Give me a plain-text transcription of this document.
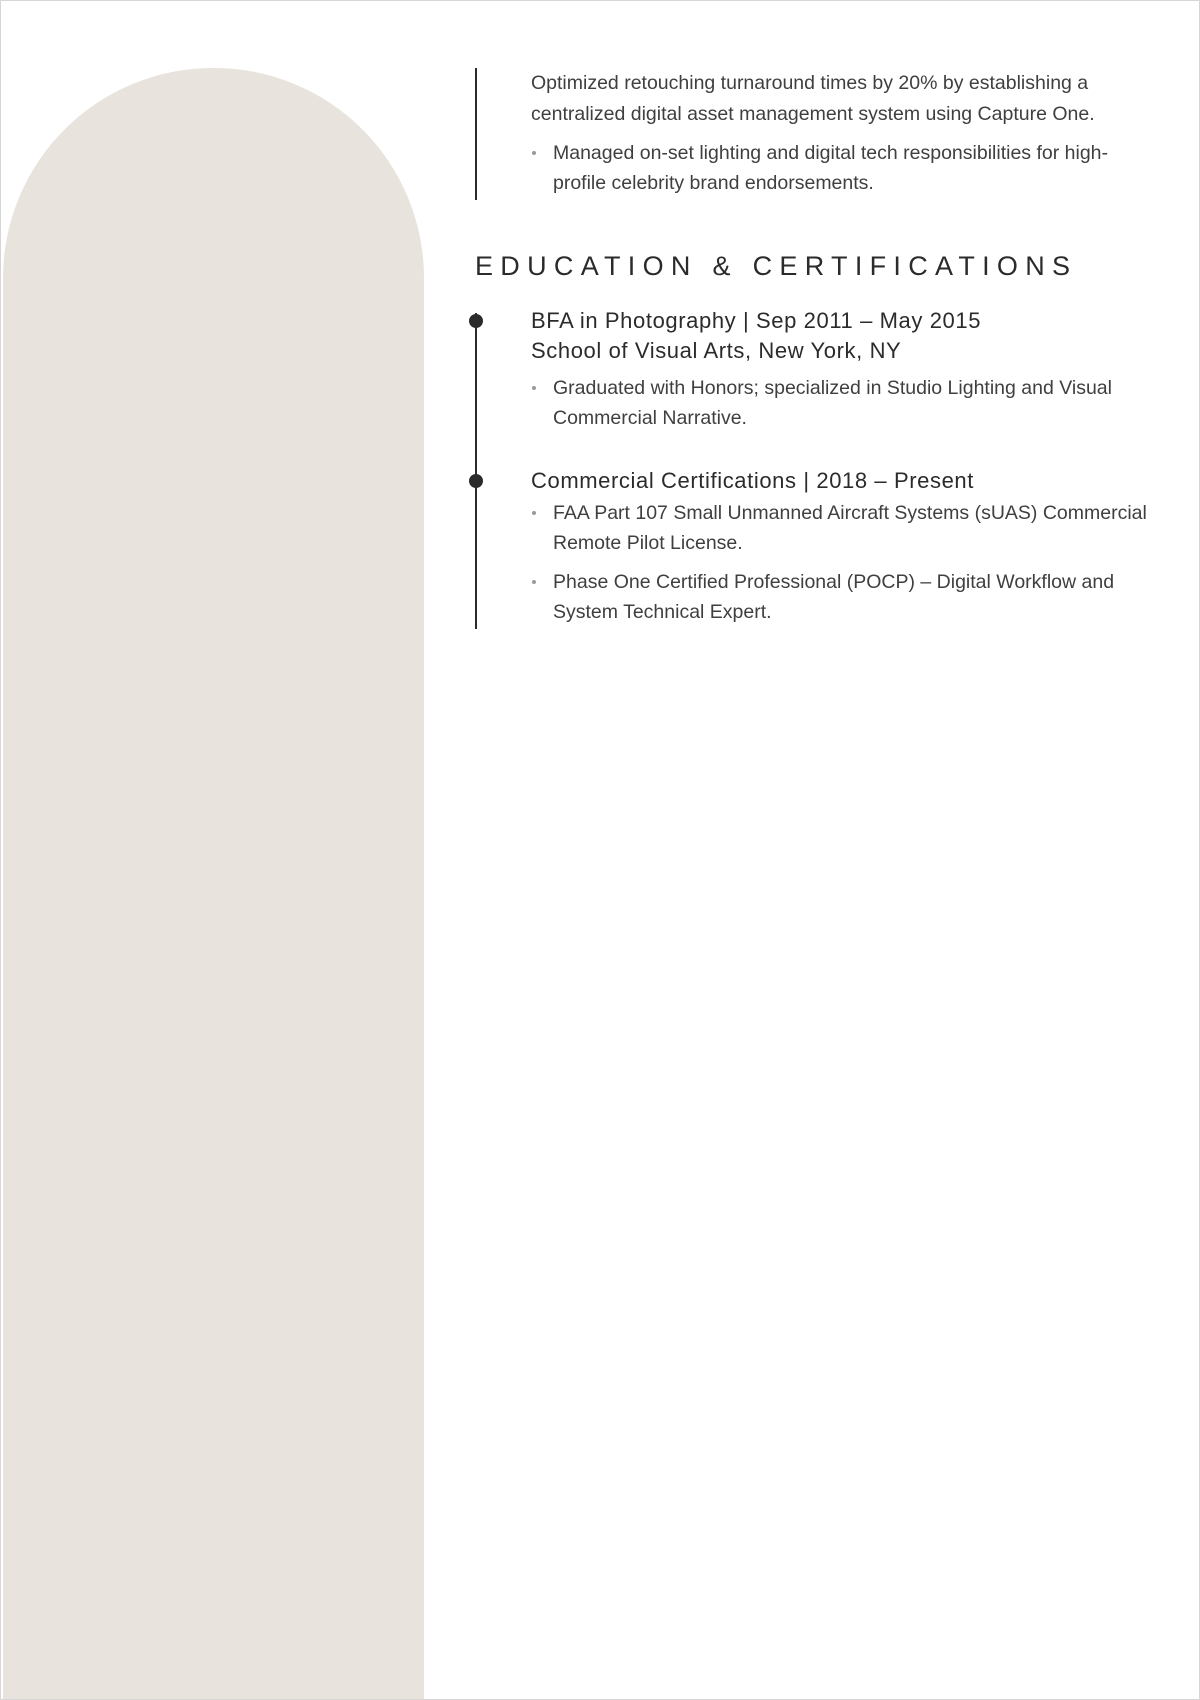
Optimized retouching turnaround times by 20% by establishing a centralized digital asset management system using Capture One.

Managed on-set lighting and digital tech responsibilities for high-profile celebrity brand endorsements.
EDUCATION & CERTIFICATIONS

BFA in Photography | Sep 2011 – May 2015

School of Visual Arts, New York, NY

Graduated with Honors; specialized in Studio Lighting and Visual Commercial Narrative.

Commercial Certifications | 2018 – Present

FAA Part 107 Small Unmanned Aircraft Systems (sUAS) Commercial Remote Pilot License.
Phase One Certified Professional (POCP) – Digital Workflow and System Technical Expert.
